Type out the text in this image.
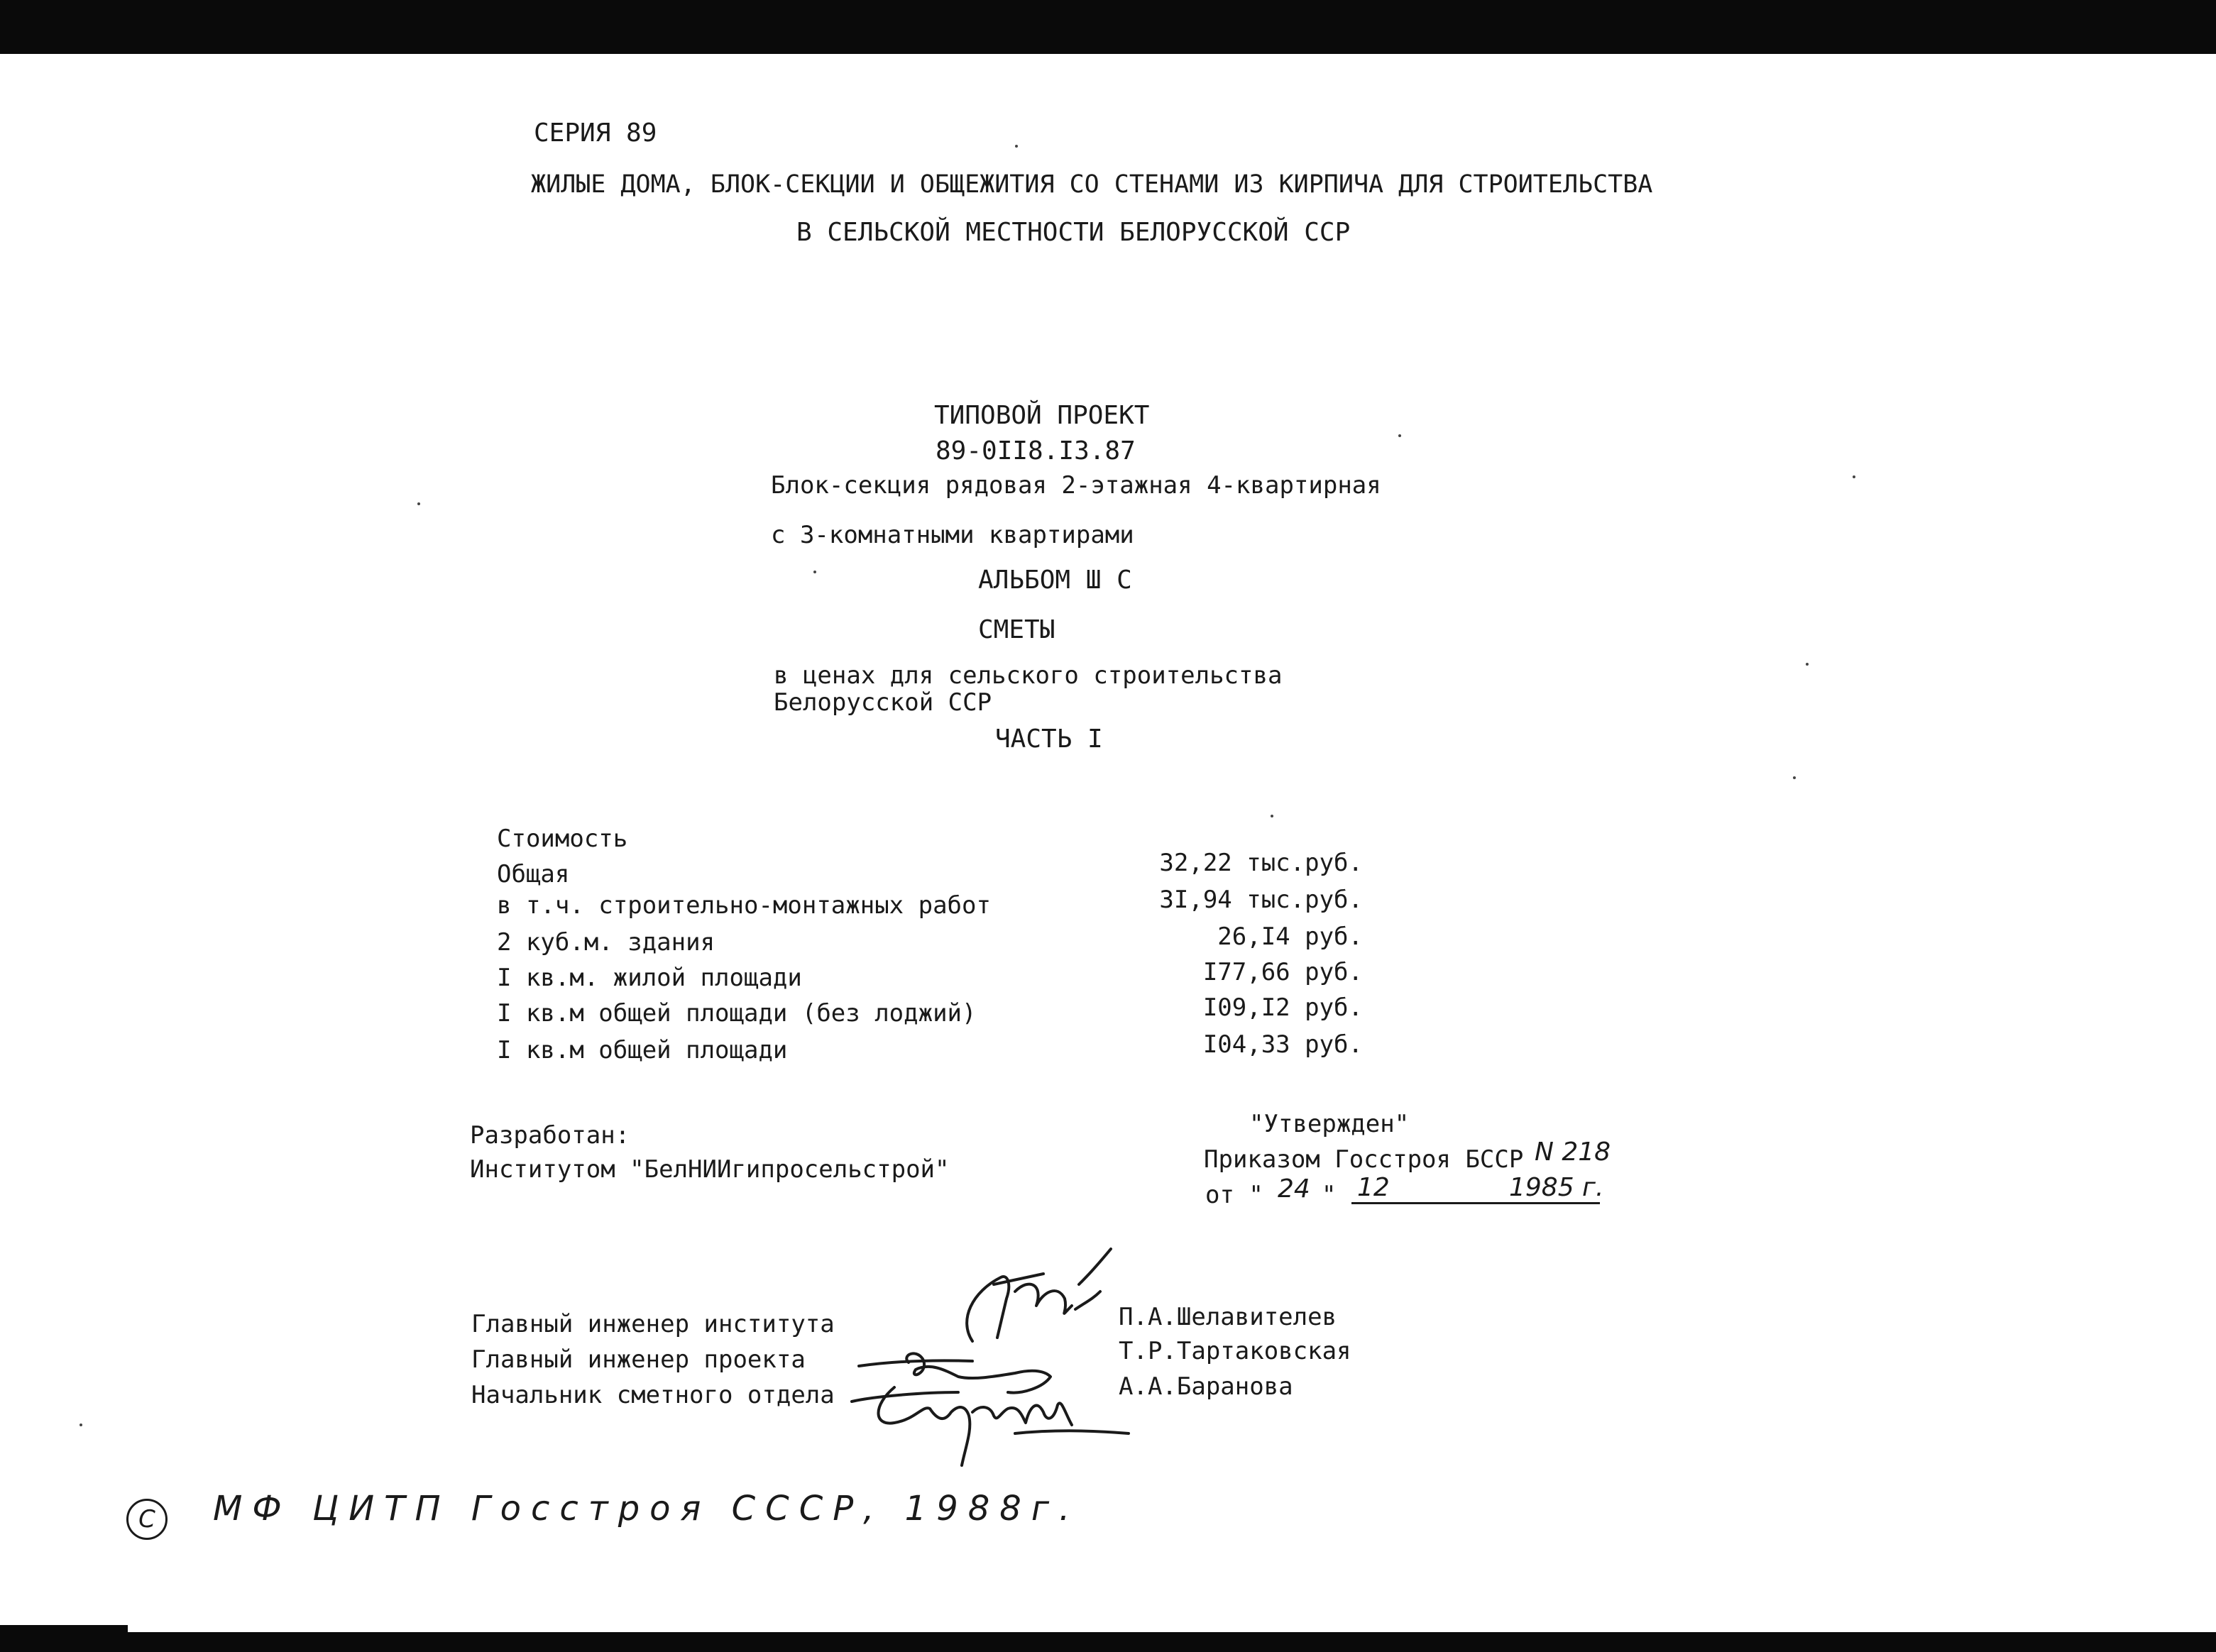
СЕРИЯ 89
ЖИЛЫЕ ДОМА, БЛОК-СЕКЦИИ И ОБЩЕЖИТИЯ СО СТЕНАМИ ИЗ КИРПИЧА ДЛЯ СТРОИТЕЛЬСТВА
В СЕЛЬСКОЙ МЕСТНОСТИ БЕЛОРУССКОЙ ССР
ТИПОВОЙ ПРОЕКТ
89-0II8.I3.87
Блок-секция рядовая 2-этажная 4-квартирная
с 3-комнатными квартирами
АЛЬБОМ Ш С
СМЕТЫ
в ценах для сельского строительства
Белорусской ССР
ЧАСТЬ I
Стоимость
Общая	32,22 тыс.руб.
в т.ч. строительно-монтажных работ	3I,94 тыс.руб.
2 куб.м. здания	26,I4 руб.
I кв.м. жилой площади	I77,66 руб.
I кв.м общей площади (без лоджий)	I09,I2 руб.
I кв.м общей площади	I04,33 руб.
Разработан:
Институтом "БелНИИгипросельстрой"
"Утвержден"
Приказом Госстроя БССР N 218
от " 24 " 12	1985 г.
Главный инженер института	П.А.Шелавителев
Главный инженер проекта	Т.Р.Тартаковская
Начальник сметного отдела	А.А.Баранова
С	МФ ЦИТП Госстроя СССР, 1988г.
